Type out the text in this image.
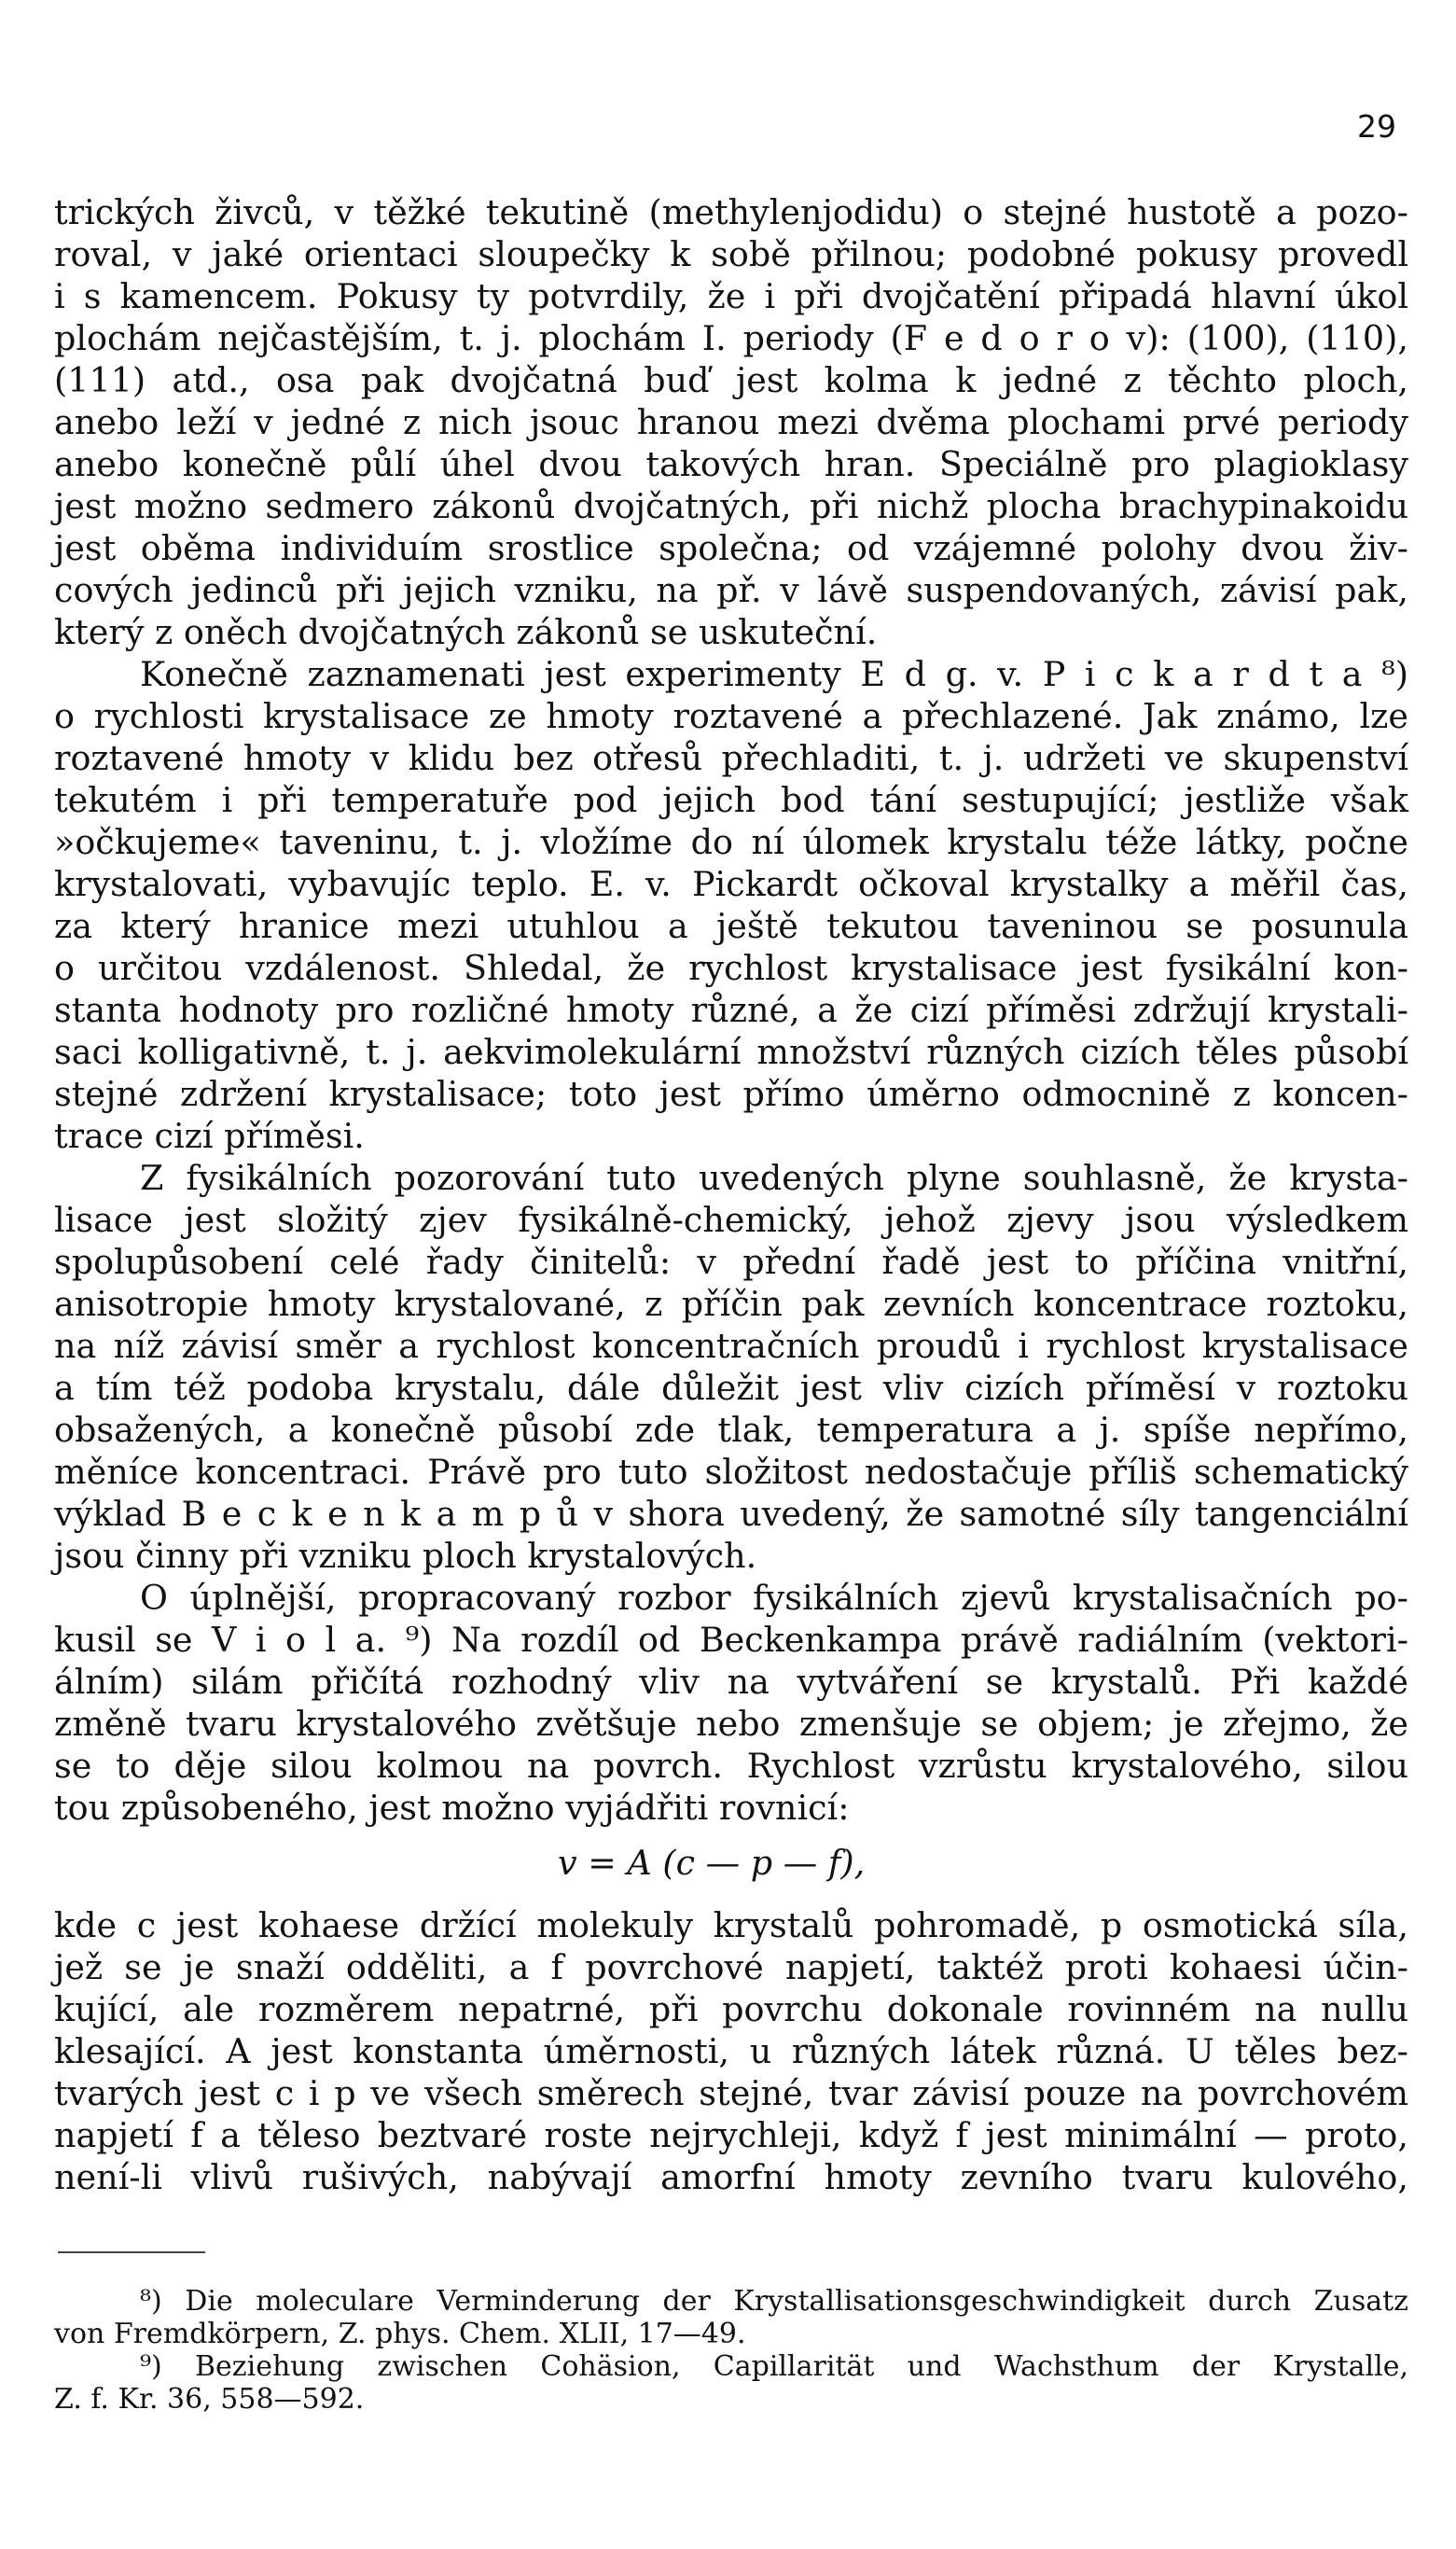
29
trických živců, v těžké tekutině (methylenjodidu) o stejné hustotě a pozo-
roval, v jaké orientaci sloupečky k sobě přilnou; podobné pokusy provedl
i s kamencem. Pokusy ty potvrdily, že i při dvojčatění připadá hlavní úkol
plochám nejčastějším, t. j. plochám I. periody (F e d o r o v): (100), (110),
(111) atd., osa pak dvojčatná buď jest kolma k jedné z těchto ploch,
anebo leží v jedné z nich jsouc hranou mezi dvěma plochami prvé periody
anebo konečně půlí úhel dvou takových hran. Speciálně pro plagioklasy
jest možno sedmero zákonů dvojčatných, při nichž plocha brachypinakoidu
jest oběma individuím srostlice společna; od vzájemné polohy dvou živ-
cových jedinců při jejich vzniku, na př. v lávě suspendovaných, závisí pak,
který z oněch dvojčatných zákonů se uskuteční.
Konečně zaznamenati jest experimenty E d g. v. P i c k a r d t a ⁸)
o rychlosti krystalisace ze hmoty roztavené a přechlazené. Jak známo, lze
roztavené hmoty v klidu bez otřesů přechladiti, t. j. udržeti ve skupenství
tekutém i při temperatuře pod jejich bod tání sestupující; jestliže však
»očkujeme« taveninu, t. j. vložíme do ní úlomek krystalu téže látky, počne
krystalovati, vybavujíc teplo. E. v. Pickardt očkoval krystalky a měřil čas,
za který hranice mezi utuhlou a ještě tekutou taveninou se posunula
o určitou vzdálenost. Shledal, že rychlost krystalisace jest fysikální kon-
stanta hodnoty pro rozličné hmoty různé, a že cizí příměsi zdržují krystali-
saci kolligativně, t. j. aekvimolekulární množství různých cizích těles působí
stejné zdržení krystalisace; toto jest přímo úměrno odmocnině z koncen-
trace cizí příměsi.
Z fysikálních pozorování tuto uvedených plyne souhlasně, že krysta-
lisace jest složitý zjev fysikálně-chemický, jehož zjevy jsou výsledkem
spolupůsobení celé řady činitelů: v přední řadě jest to příčina vnitřní,
anisotropie hmoty krystalované, z příčin pak zevních koncentrace roztoku,
na níž závisí směr a rychlost koncentračních proudů i rychlost krystalisace
a tím též podoba krystalu, dále důležit jest vliv cizích příměsí v roztoku
obsažených, a konečně působí zde tlak, temperatura a j. spíše nepřímo,
měníce koncentraci. Právě pro tuto složitost nedostačuje příliš schematický
výklad B e c k e n k a m p ů v shora uvedený, že samotné síly tangenciální
jsou činny při vzniku ploch krystalových.
O úplnější, propracovaný rozbor fysikálních zjevů krystalisačních po-
kusil se V i o l a. ⁹) Na rozdíl od Beckenkampa právě radiálním (vektori-
álním) silám přičítá rozhodný vliv na vytváření se krystalů. Při každé
změně tvaru krystalového zvětšuje nebo zmenšuje se objem; je zřejmo, že
se to děje silou kolmou na povrch. Rychlost vzrůstu krystalového, silou
tou způsobeného, jest možno vyjádřiti rovnicí:
v = A (c — p — f),
kde c jest kohaese držící molekuly krystalů pohromadě, p osmotická síla,
jež se je snaží odděliti, a f povrchové napjetí, taktéž proti kohaesi účin-
kující, ale rozměrem nepatrné, při povrchu dokonale rovinném na nullu
klesající. A jest konstanta úměrnosti, u různých látek různá. U těles bez-
tvarých jest c i p ve všech směrech stejné, tvar závisí pouze na povrchovém
napjetí f a těleso beztvaré roste nejrychleji, když f jest minimální — proto,
není-li vlivů rušivých, nabývají amorfní hmoty zevního tvaru kulového,
⁸) Die moleculare Verminderung der Krystallisationsgeschwindigkeit durch Zusatz
von Fremdkörpern, Z. phys. Chem. XLII, 17—49.
⁹) Beziehung zwischen Cohäsion, Capillarität und Wachsthum der Krystalle,
Z. f. Kr. 36, 558—592.
